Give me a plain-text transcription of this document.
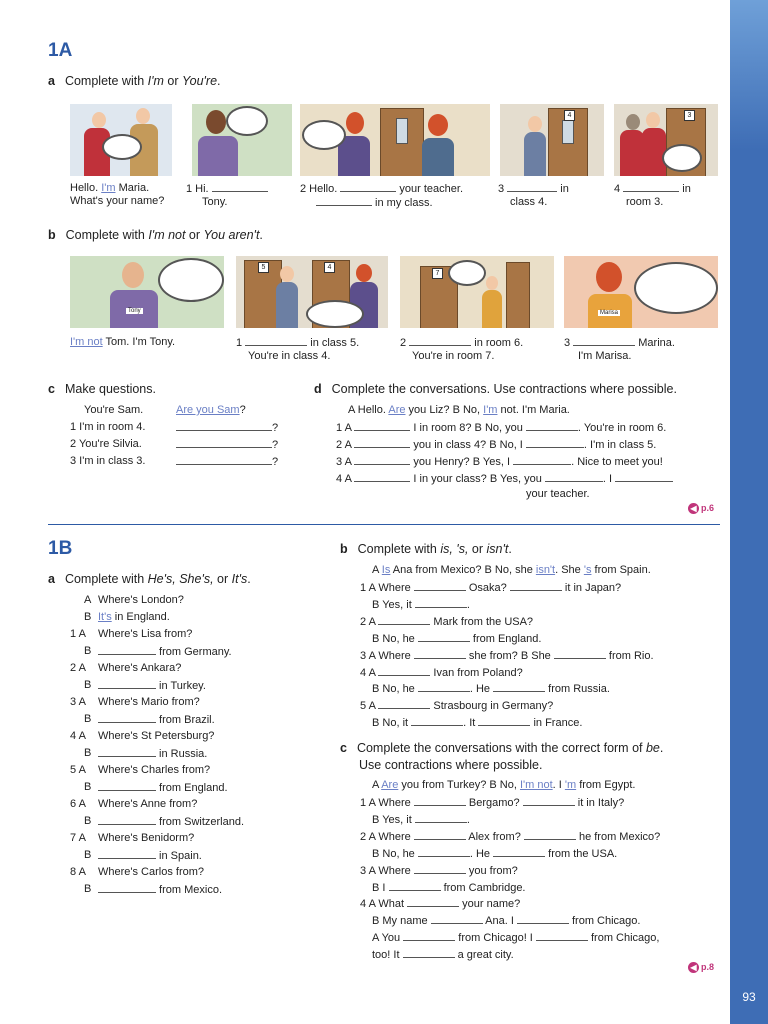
1A
a Complete with I'm or You're.
4	3
Hello. I'm Maria.
What's your name?
1 Hi.
Tony.
2 Hello.	your teacher.
in my class.
3	in
class 4.
4	in
room 3.
b Complete with I'm not or You aren't.
Tony
5	4
7
Marisa
I'm not Tom. I'm Tony.	1	in class 5.
You're in class 4.
2	in room 6.
You're in room 7.
3	Marina.
I'm Marisa.
c Make questions.
You're Sam.	Are you Sam?
1 I'm in room 4.	?
2 You're Silvia.	?
3 I'm in class 3.	?
d Complete the conversations. Use contractions where possible.
A Hello. Are you Liz? B No, I'm not. I'm Maria.
1 A	I in room 8? B No, you	. You're in room 6.
2 A	you in class 4? B No, I	. I'm in class 5.
3 A	you Henry? B Yes, I	. Nice to meet you!
4 A	I in your class? B Yes, you	. I
your teacher.
◀ p.6
1B
a Complete with He's, She's, or It's.
A Where's London?
B It's in England.
1 A Where's Lisa from?
B	from Germany.
2 A Where's Ankara?
B	in Turkey.
3 A Where's Mario from?
B	from Brazil.
4 A Where's St Petersburg?
B	in Russia.
5 A Where's Charles from?
B	from England.
6 A Where's Anne from?
B	from Switzerland.
7 A Where's Benidorm?
B	in Spain.
8 A Where's Carlos from?
B	from Mexico.
b Complete with is, 's, or isn't.
A Is Ana from Mexico? B No, she isn't. She 's from Spain.
1 A Where	Osaka?	it in Japan?
B Yes, it	.
2 A	Mark from the USA?
B No, he	from England.
3 A Where	she from? B She	from Rio.
4 A	Ivan from Poland?
B No, he	. He	from Russia.
5 A	Strasbourg in Germany?
B No, it	. It	in France.
c Complete the conversations with the correct form of be.
Use contractions where possible.
A Are you from Turkey? B No, I'm not. I 'm from Egypt.
1 A Where	Bergamo?	it in Italy?
B Yes, it	.
2 A Where	Alex from?	he from Mexico?
B No, he	. He	from the USA.
3 A Where	you from?
B I	from Cambridge.
4 A What	your name?
B My name	Ana. I	from Chicago.
A You	from Chicago! I	from Chicago,
too! It	a great city.
◀ p.8
93
